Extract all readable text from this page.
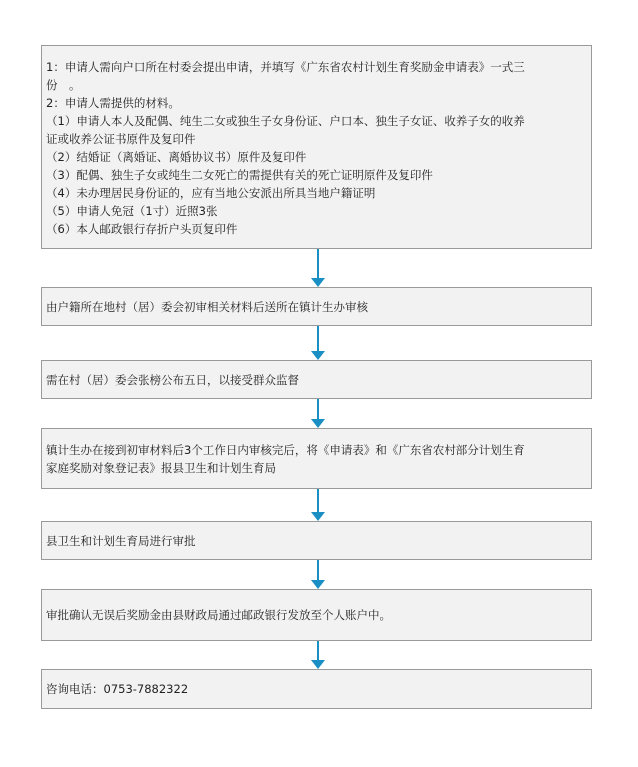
1：申请人需向户口所在村委会提出申请，并填写《广东省农村计划生育奖励金申请表》一式三
份　。
2：申请人需提供的材料。
（1）申请人本人及配偶、纯生二女或独生子女身份证、户口本、独生子女证、收养子女的收养
证或收养公证书原件及复印件
（2）结婚证（离婚证、离婚协议书）原件及复印件
（3）配偶、独生子女或纯生二女死亡的需提供有关的死亡证明原件及复印件
（4）未办理居民身份证的，应有当地公安派出所具当地户籍证明
（5）申请人免冠（1寸）近照3张
（6）本人邮政银行存折户头页复印件
由户籍所在地村（居）委会初审相关材料后送所在镇计生办审核
需在村（居）委会张榜公布五日，以接受群众监督
镇计生办在接到初审材料后3个工作日内审核完后，将《申请表》和《广东省农村部分计划生育
家庭奖励对象登记表》报县卫生和计划生育局
县卫生和计划生育局进行审批
审批确认无误后奖励金由县财政局通过邮政银行发放至个人账户中。
咨询电话：0753-7882322
